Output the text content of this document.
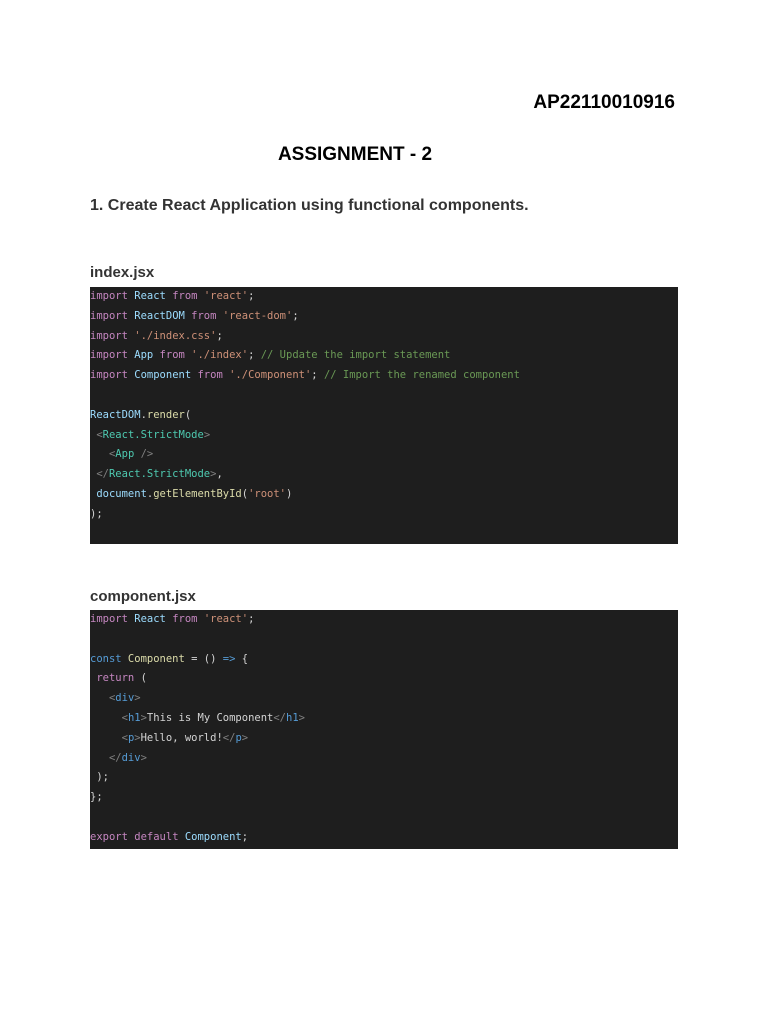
AP22110010916
ASSIGNMENT - 2
1. Create React Application using functional components.
index.jsx
import React from 'react';
import ReactDOM from 'react-dom';
import './index.css';
import App from './index'; // Update the import statement
import Component from './Component'; // Import the renamed component
ReactDOM.render(
<React.StrictMode>
<App />
</React.StrictMode>,
document.getElementById('root')
);
component.jsx
import React from 'react';
const Component = () => {
return (
<div>
<h1>This is My Component</h1>
<p>Hello, world!</p>
</div>
);
};
export default Component;
